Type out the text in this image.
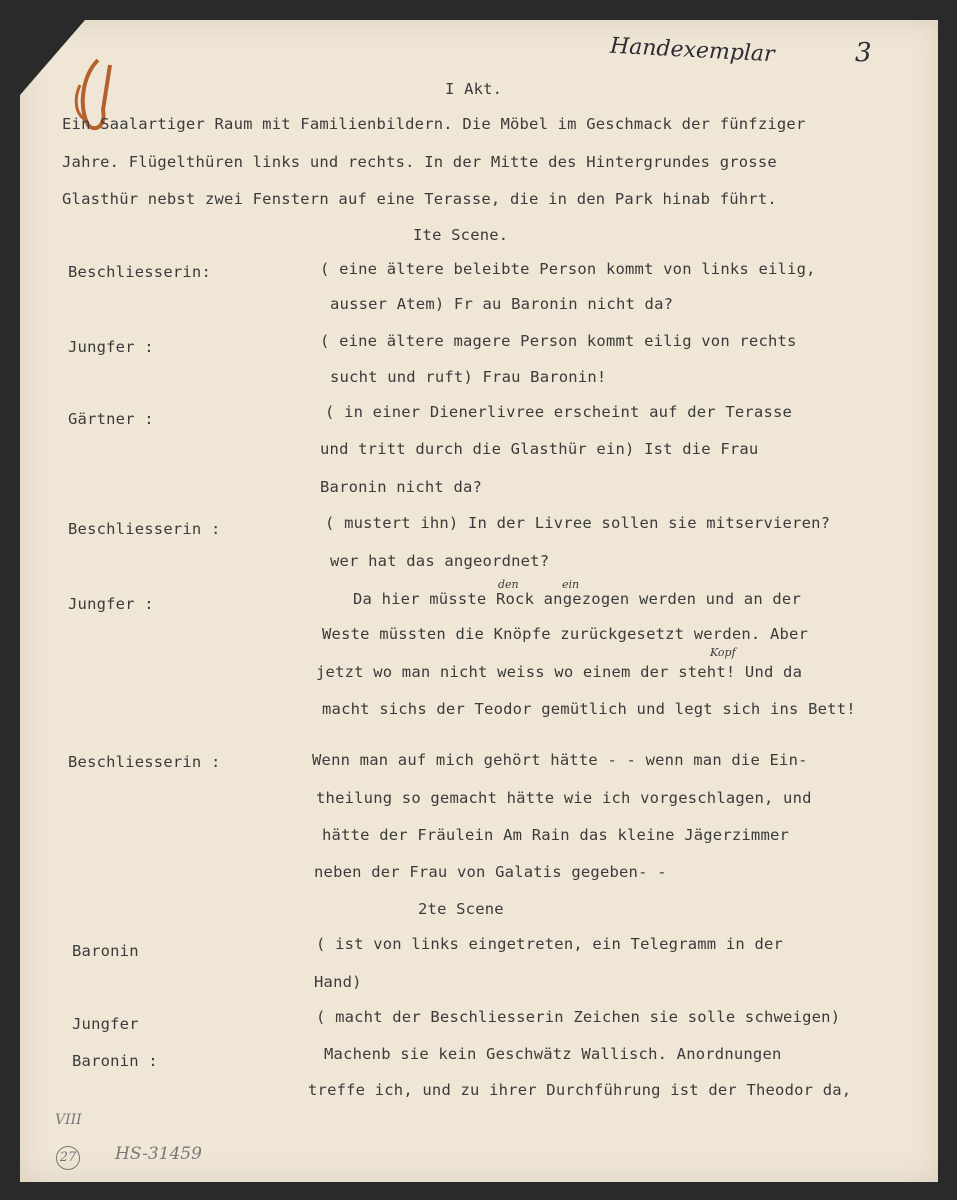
Handexemplar	3
I Akt.
Ein Saalartiger Raum mit Familienbildern. Die Möbel im Geschmack der fünfziger
Jahre. Flügelthüren links und rechts. In der Mitte des Hintergrundes grosse
Glasthür nebst zwei Fenstern auf eine Terasse, die in den Park hinab führt.
Ite Scene.
Beschliesserin:	( eine ältere beleibte Person kommt von links eilig,
ausser Atem) Fr au Baronin nicht da?
Jungfer :	( eine ältere magere Person kommt eilig von rechts
sucht und ruft) Frau Baronin!
Gärtner :	( in einer Dienerlivree erscheint auf der Terasse
und tritt durch die Glasthür ein) Ist die Frau
Baronin nicht da?
Beschliesserin :	( mustert ihn) In der Livree sollen sie mitservieren?
wer hat das angeordnet?
den	ein
Jungfer :	Da hier müsste Rock angezogen werden und an der
Weste müssten die Knöpfe zurückgesetzt werden. Aber
Kopf
jetzt wo man nicht weiss wo einem der steht! Und da
macht sichs der Teodor gemütlich und legt sich ins Bett!
Beschliesserin :	Wenn man auf mich gehört hätte - - wenn man die Ein-
theilung so gemacht hätte wie ich vorgeschlagen, und
hätte der Fräulein Am Rain das kleine Jägerzimmer
neben der Frau von Galatis gegeben- -
2te Scene
Baronin	( ist von links eingetreten, ein Telegramm in der
Hand)
Jungfer	( macht der Beschliesserin Zeichen sie solle schweigen)
Baronin :	Machenb sie kein Geschwätz Wallisch. Anordnungen
treffe ich, und zu ihrer Durchführung ist der Theodor da,
VIII
27 HS-31459
